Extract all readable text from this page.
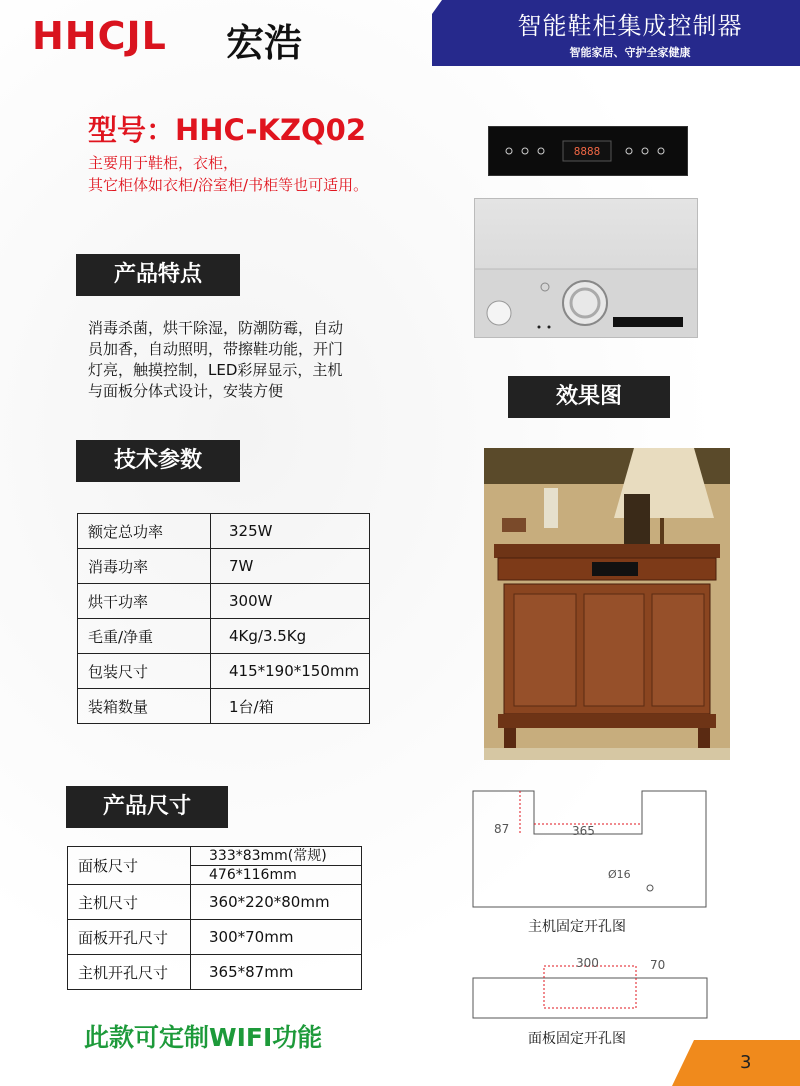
HHCJL 宏浩	智能鞋柜集成控制器
智能家居、守护全家健康
型号：HHC-KZQ02
主要用于鞋柜，衣柜，
其它柜体如衣柜/浴室柜/书柜等也可适用。
产品特点
消毒杀菌，烘干除湿，防潮防霉，自动
员加香，自动照明，带擦鞋功能，开门
灯亮，触摸控制，LED彩屏显示，主机
与面板分体式设计，安装方便
技术参数
额定总功率	325W
消毒功率	7W
烘干功率	300W
毛重/净重	4Kg/3.5Kg
包装尺寸	415*190*150mm
装箱数量	1台/箱
产品尺寸
面板尺寸	333*83mm(常规)
	476*116mm
主机尺寸	360*220*80mm
面板开孔尺寸	300*70mm
主机开孔尺寸	365*87mm
此款可定制WIFI功能
8888
效果图
87	365
Ø16
主机固定开孔图
300	70
面板固定开孔图
3
